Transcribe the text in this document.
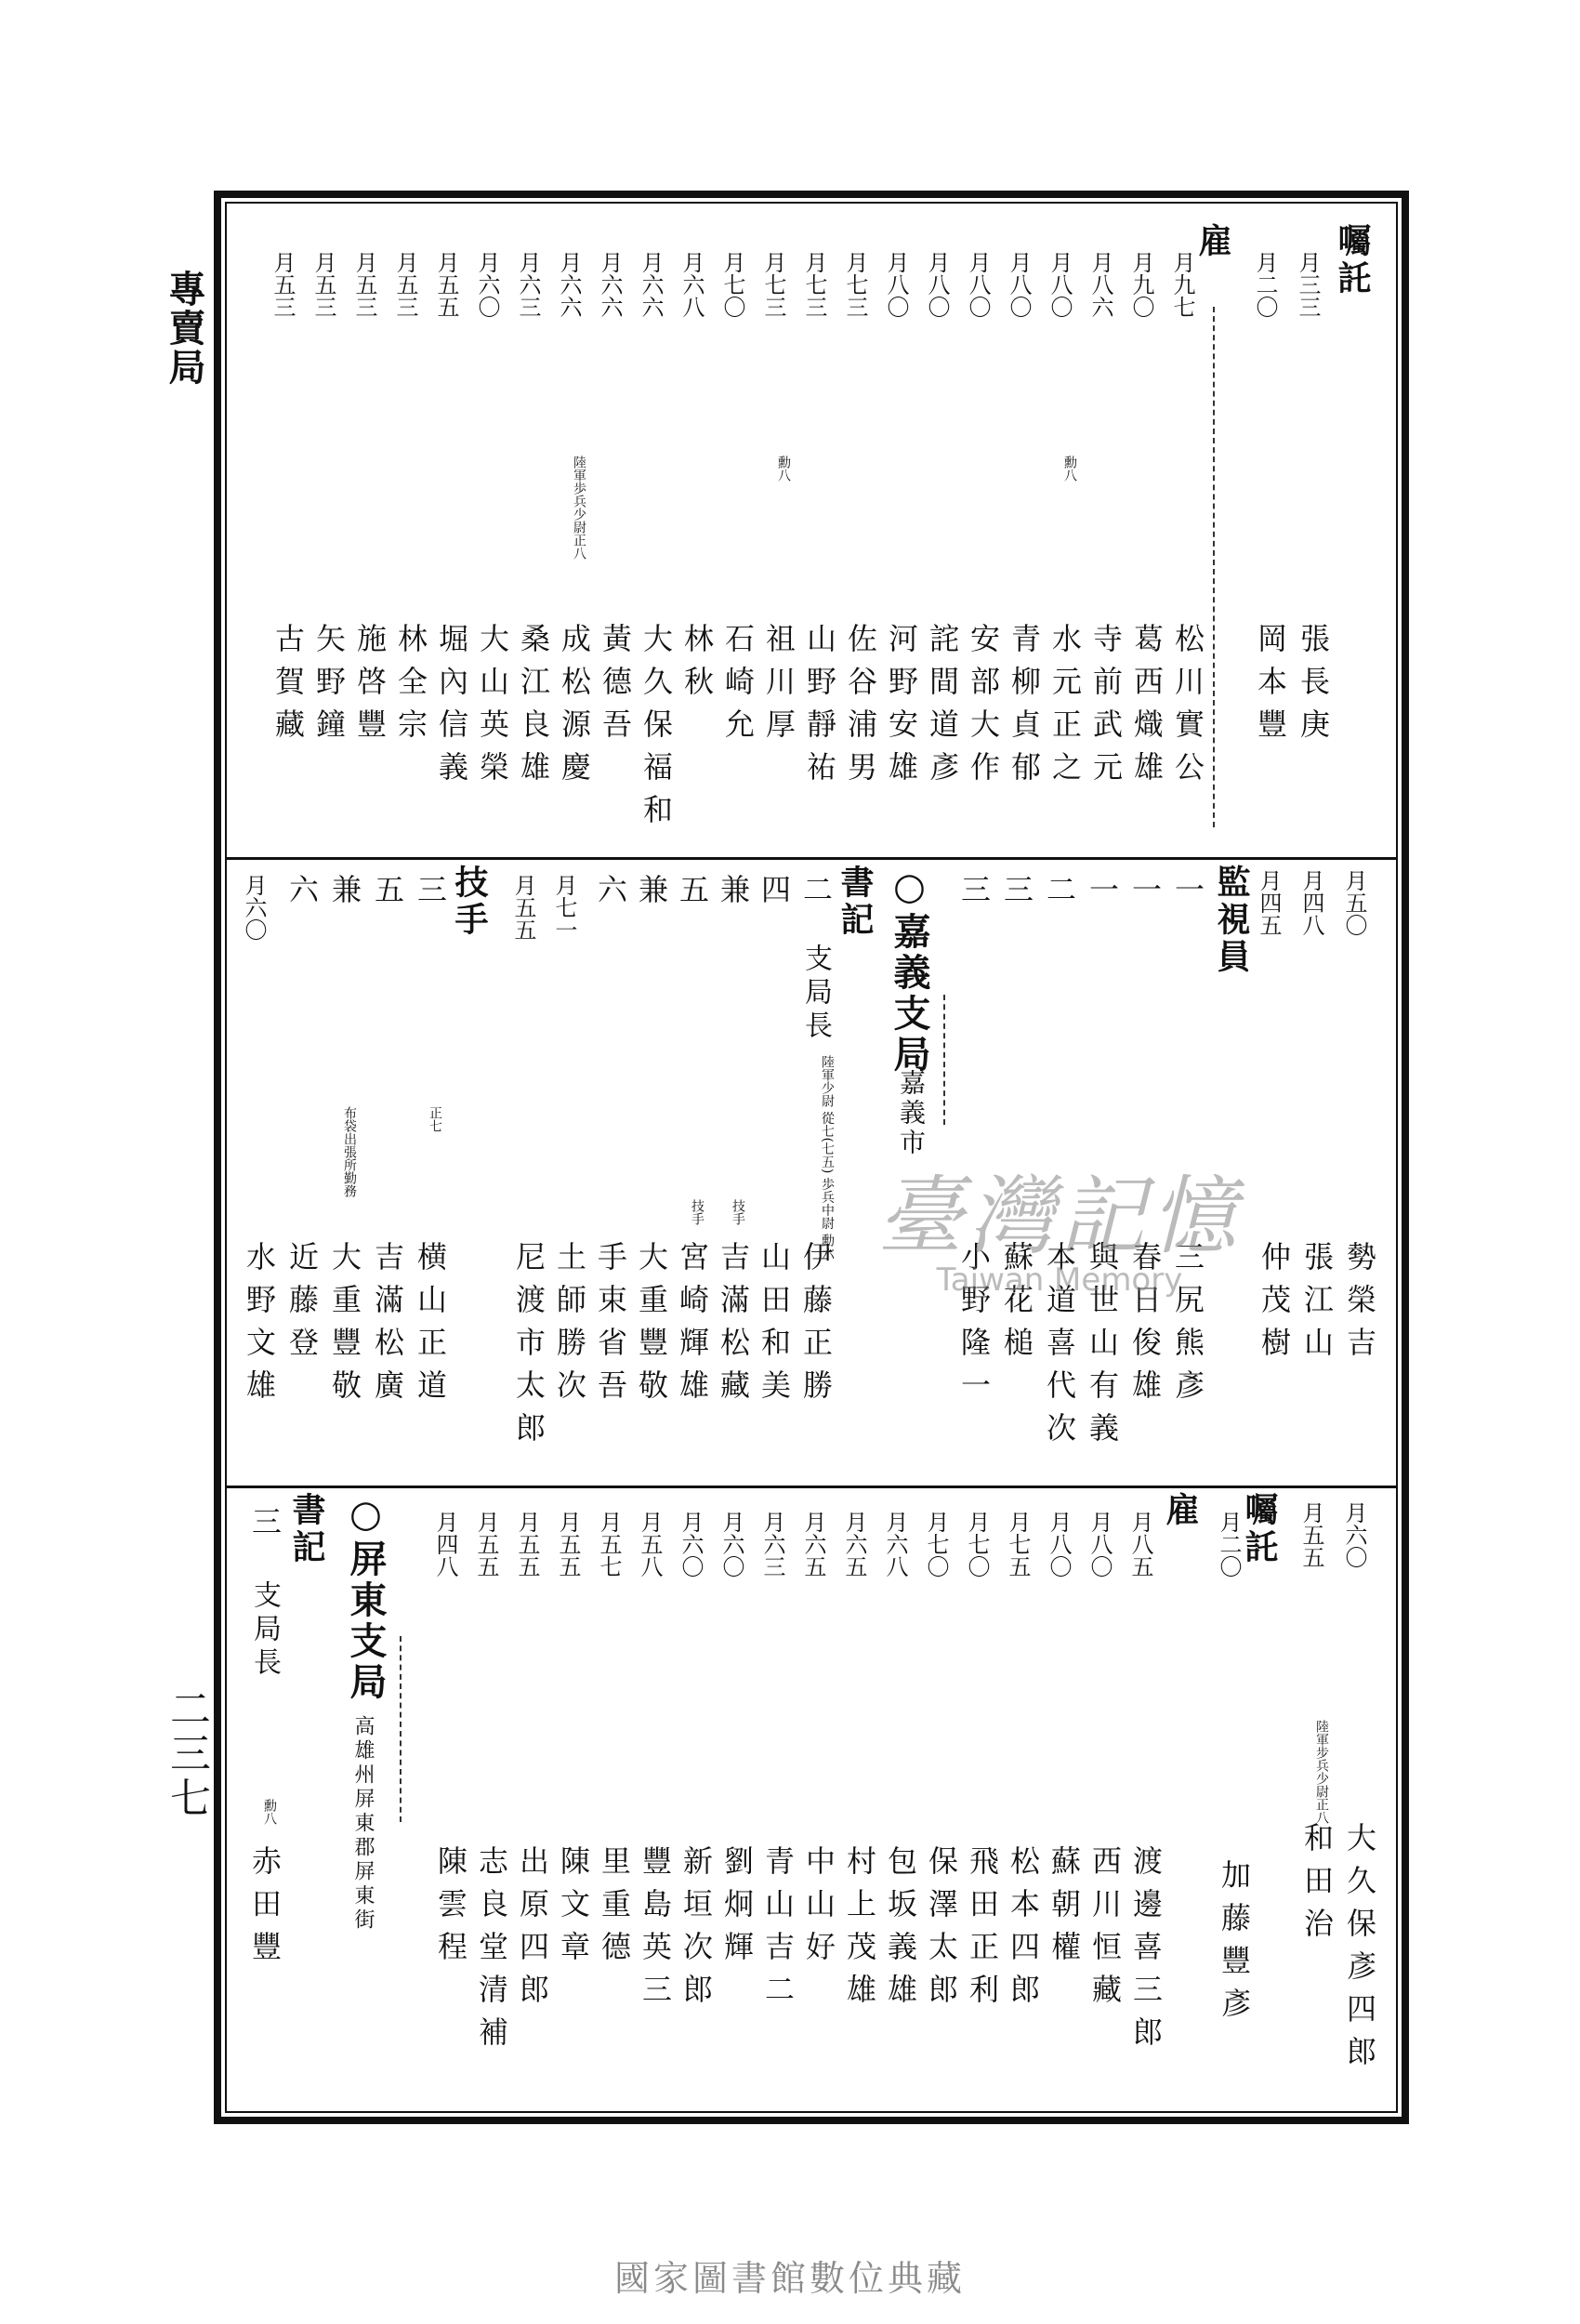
專賣局
二三七
囑託
雇
月三三
張長庚
月二〇
岡本豐
月九七
松川實公
月九〇
葛西熾雄
月八六
寺前武元
月八〇
勳八
水元正之
月八〇
青柳貞郁
月八〇
安部大作
月八〇
詫間道彥
月八〇
河野安雄
月七三
佐谷浦男
月七三
山野靜祐
月七三
勳八
祖川厚
月七〇
石崎允
月六八
林秋
月六六
大久保福和
月六六
黃德吾
月六六
陸軍歩兵少尉正八
成松源慶
月六三
桑江良雄
月六〇
大山英榮
月五五
堀內信義
月五三
林全宗
月五三
施啓豐
月五三
矢野鐘
月五三
古賀藏
監視員
○嘉義支局
嘉義市
書記
技手	月五〇
勢榮吉
月四八
張江山
月四五
仲茂樹
一
三尻熊彥
一
春日俊雄
一
與世山有義
二
本道喜代次
三
蘇花槌
三
小野隆一
二
支局長
陸軍少尉 從七(七五) 歩兵中尉 勳六
伊藤正勝
四
山田和美
兼
技手
吉滿松藏
五
技手
宮崎輝雄
兼
大重豐敬
六
手束省吾
月七一
土師勝次
月五五
尼渡市太郎
三
正七
横山正道
五
吉滿松廣
兼
布袋出張所勤務
大重豐敬
六
近藤登
月六〇
水野文雄
囑託
雇
○屏東支局
高雄州屏東郡屏東街
書記	月六〇
大久保彥四郎
月五五
陸軍步兵少尉正八
和田治
月二〇
加藤豐彥
月八五
渡邊喜三郎
月八〇
西川恒藏
月八〇
蘇朝權
月七五
松本四郎
月七〇
飛田正利
月七〇
保澤太郎
月六八
包坂義雄
月六五
村上茂雄
月六五
中山好
月六三
青山吉二
月六〇
劉炯輝
月六〇
新垣次郎
月五八
豐島英三
月五七
里重德
月五五
陳文章
月五五
出原四郎
月五五
志良堂清補
月四八
陳雲程
三
支局長
勳八
赤田豐
臺灣記憶
Taiwan Memory
國家圖書館數位典藏
